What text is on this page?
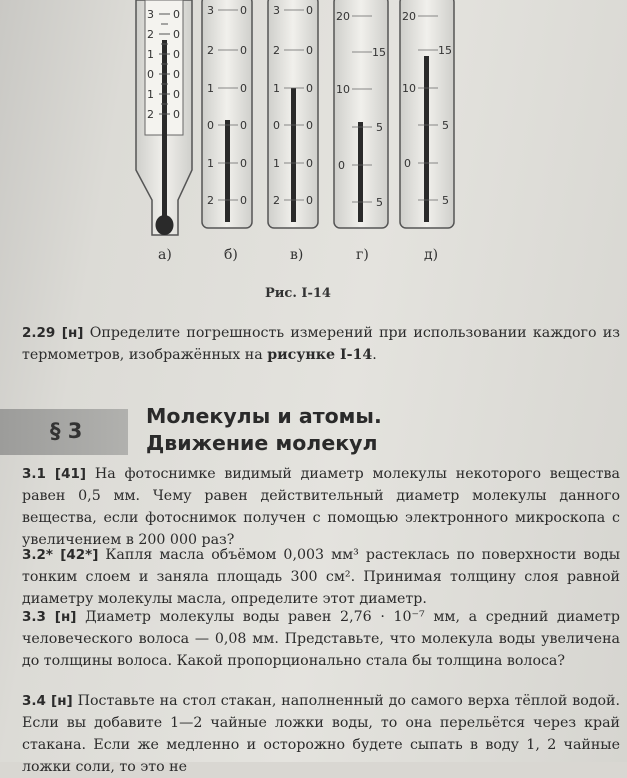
3
2
1
0
1
2
0
0
0
0
0
0
3
2
1
0
1
2
0
0
0
0
0
0
3
2
1
0
1
2
0
0
0
0
0
0
20
15
10
5
0
5
20
15
10
5
0
5
а)	б)	в)	г)	д)
Рис. I-14

2.29 [н] Определите погрешность измерений при использовании каждого из термометров, изображённых на рисунке I-14.

§ 3
Молекулы и атомы.
Движение молекул

3.1 [41] На фотоснимке видимый диаметр молекулы некоторого вещества равен 0,5 мм. Чему равен действительный диаметр молекулы данного вещества, если фотоснимок получен с помощью электронного микроскопа с увеличением в 200 000 раз?

3.2* [42*] Капля масла объёмом 0,003 мм³ растеклась по поверхности воды тонким слоем и заняла площадь 300 см². Принимая толщину слоя равной диаметру молекулы масла, определите этот диаметр.

3.3 [н] Диаметр молекулы воды равен 2,76 · 10⁻⁷ мм, а средний диаметр человеческого волоса — 0,08 мм. Представьте, что молекула воды увеличена до толщины волоса. Какой пропорционально стала бы толщина волоса?

3.4 [н] Поставьте на стол стакан, наполненный до самого верха тёплой водой. Если вы добавите 1—2 чайные ложки воды, то она перельётся через край стакана. Если же медленно и осторожно будете сыпать в воду 1, 2 чайные ложки соли, то это не
